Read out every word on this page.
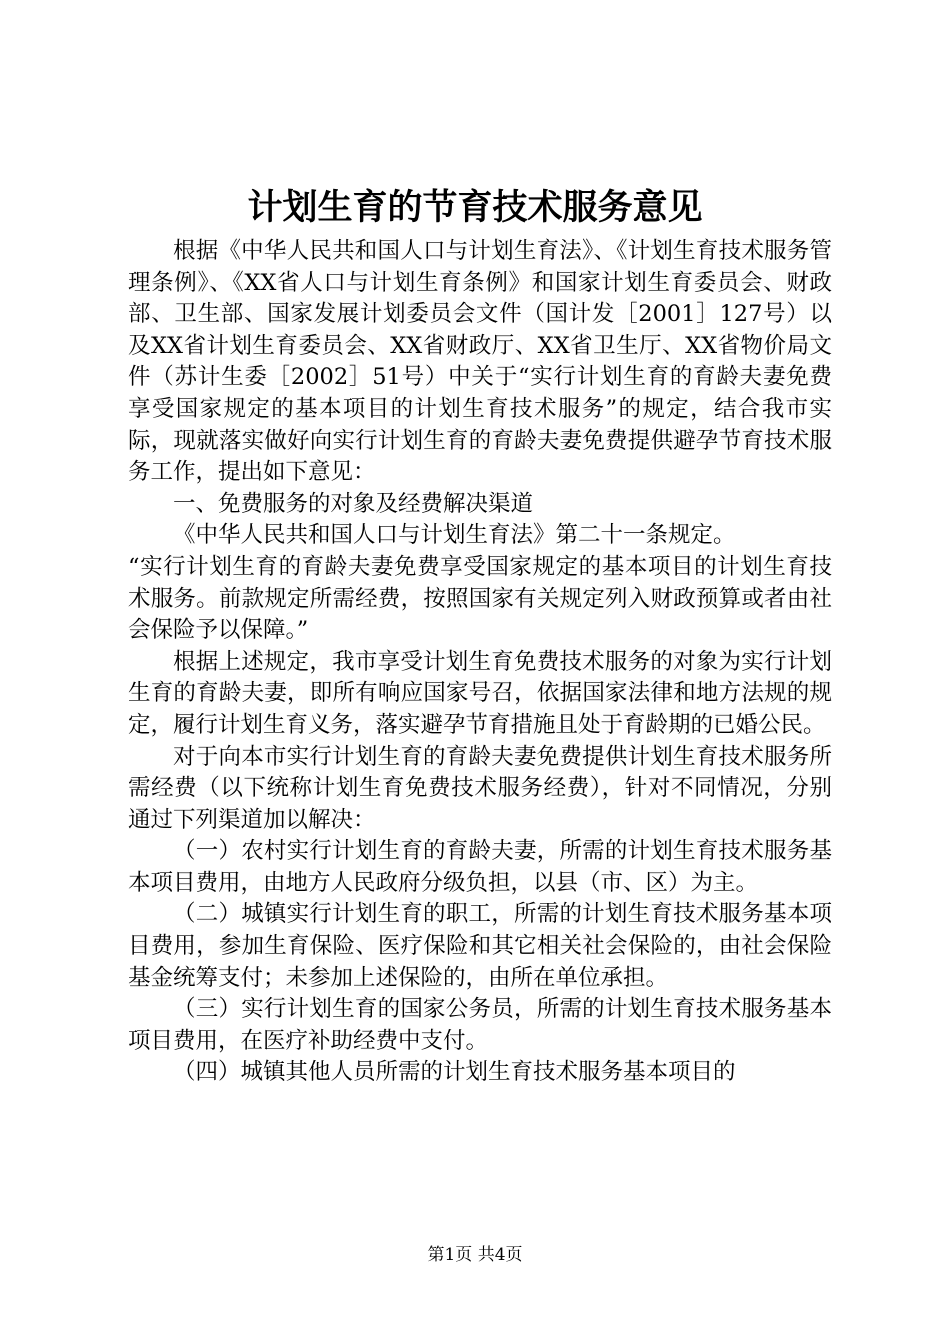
计划生育的节育技术服务意见

根据《中华人民共和国人口与计划生育法》、《计划生育技术服务管理条例》、《XX省人口与计划生育条例》和国家计划生育委员会、财政部、卫生部、国家发展计划委员会文件（国计发［2001］127号）以及XX省计划生育委员会、XX省财政厅、XX省卫生厅、XX省物价局文件（苏计生委［2002］51号）中关于“实行计划生育的育龄夫妻免费享受国家规定的基本项目的计划生育技术服务”的规定，结合我市实际，现就落实做好向实行计划生育的育龄夫妻免费提供避孕节育技术服务工作，提出如下意见：

一、免费服务的对象及经费解决渠道

《中华人民共和国人口与计划生育法》第二十一条规定。

“实行计划生育的育龄夫妻免费享受国家规定的基本项目的计划生育技术服务。前款规定所需经费，按照国家有关规定列入财政预算或者由社会保险予以保障。”

根据上述规定，我市享受计划生育免费技术服务的对象为实行计划生育的育龄夫妻，即所有响应国家号召，依据国家法律和地方法规的规定，履行计划生育义务，落实避孕节育措施且处于育龄期的已婚公民。

对于向本市实行计划生育的育龄夫妻免费提供计划生育技术服务所需经费（以下统称计划生育免费技术服务经费），针对不同情况，分别通过下列渠道加以解决：

（一）农村实行计划生育的育龄夫妻，所需的计划生育技术服务基本项目费用，由地方人民政府分级负担，以县（市、区）为主。

（二）城镇实行计划生育的职工，所需的计划生育技术服务基本项目费用，参加生育保险、医疗保险和其它相关社会保险的，由社会保险基金统筹支付；未参加上述保险的，由所在单位承担。

（三）实行计划生育的国家公务员，所需的计划生育技术服务基本项目费用，在医疗补助经费中支付。

（四）城镇其他人员所需的计划生育技术服务基本项目的

第1页 共4页
